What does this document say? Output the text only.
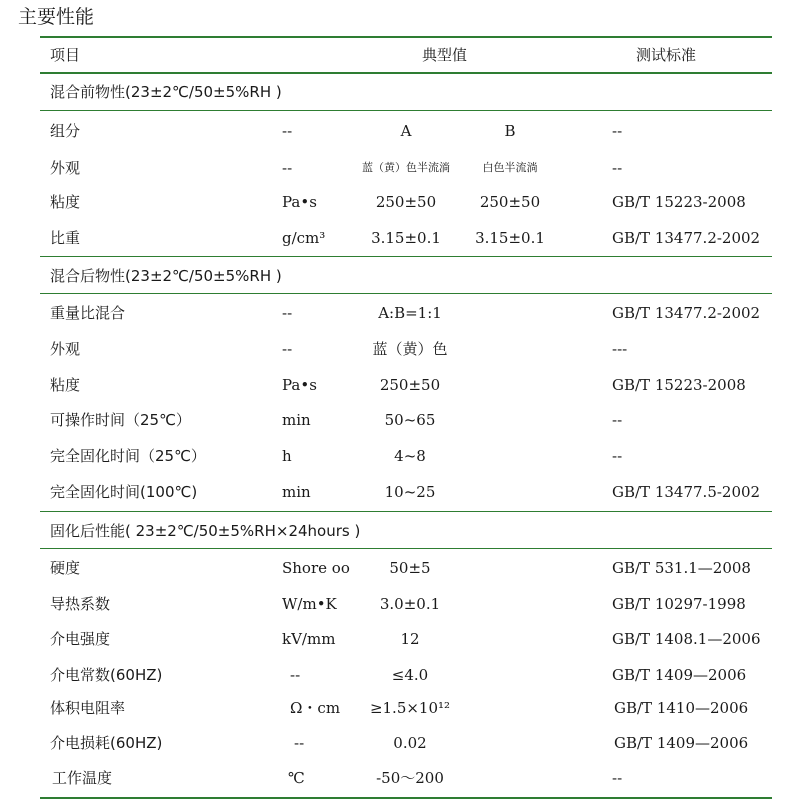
主要性能
项目	典型值	测试标准
混合前物性(23±2℃/50±5%RH )
组分	--	A	B	--
外观	--	蓝（黄）色半流淌	白色半流淌	--
粘度	Pa•s	250±50	250±50	GB/T 15223-2008
比重	g/cm³	3.15±0.1	3.15±0.1	GB/T 13477.2-2002
混合后物性(23±2℃/50±5%RH )
重量比混合	--	A:B=1:1	GB/T 13477.2-2002
外观	--	蓝（黄）色	---
粘度	Pa•s	250±50	GB/T 15223-2008
可操作时间（25℃）	min	50~65	--
完全固化时间（25℃）	h	4~8	--
完全固化时间(100℃)	min	10~25	GB/T 13477.5-2002
固化后性能( 23±2℃/50±5%RH×24hours )
硬度	Shore oo	50±5	GB/T 531.1—2008
导热系数	W/m•K	3.0±0.1	GB/T 10297-1998
介电强度	kV/mm	12	GB/T 1408.1—2006
介电常数(60HZ)	--	≤4.0	GB/T 1409—2006
体积电阻率	Ω・cm	≥1.5×10¹²	GB/T 1410—2006
介电损耗(60HZ)	--	0.02	GB/T 1409—2006
工作温度	℃	-50～200	--
